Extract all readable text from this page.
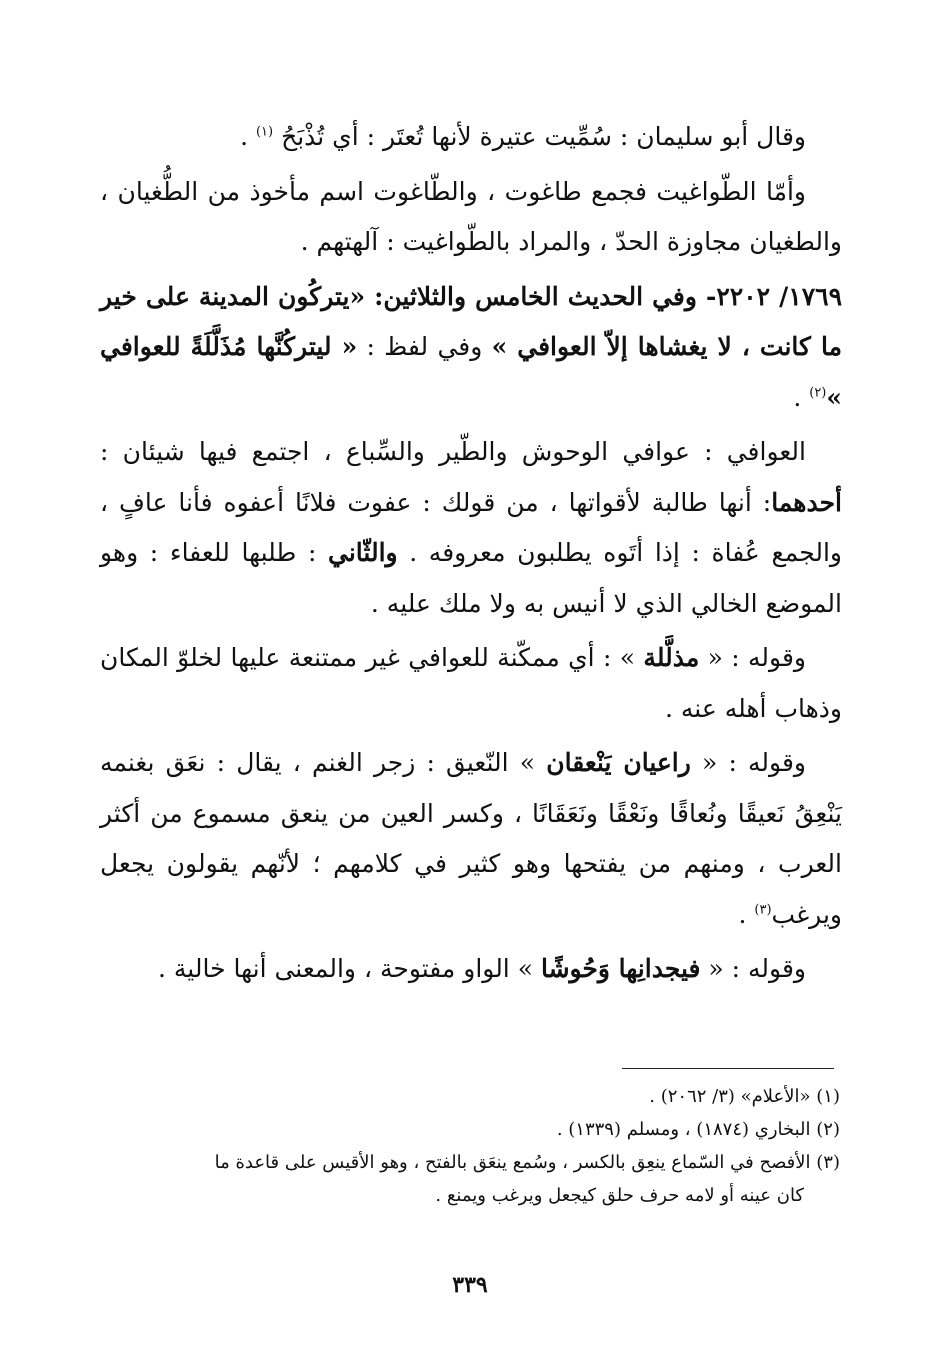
وقال أبو سليمان : سُمِّيت عتيرة لأنها تُعتَر : أي تُذْبَحُ $^{(١)}$ .

وأمّا الطّواغيت فجمع طاغوت ، والطّاغوت اسم مأخوذ من الطُّغيان ، والطغيان مجاوزة الحدّ ، والمراد بالطّواغيت : آلهتهم .

١٧٦٩/ ٢٢٠٢- وفي الحديث الخامس والثلاثين: «يتركُون المدينة على خير ما كانت ، لا يغشاها إلاّ العوافي » وفي لفظ : « ليتركُنَّها مُذَلَّلَةً للعوافي »$^{(٢)}$ .

العوافي : عوافي الوحوش والطّير والسِّباع ، اجتمع فيها شيئان : أحدهما: أنها طالبة لأقواتها ، من قولك : عفوت فلانًا أعفوه فأنا عافٍ ، والجمع عُفاة : إذا أتَوه يطلبون معروفه . والثّاني : طلبها للعفاء : وهو الموضع الخالي الذي لا أنيس به ولا ملك عليه .

وقوله : « مذلَّلة » : أي ممكّنة للعوافي غير ممتنعة عليها لخلوّ المكان وذهاب أهله عنه .

وقوله : « راعيان يَنْعقان » النّعيق : زجر الغنم ، يقال : نعَق بغنمه يَنْعِقُ نَعيقًا ونُعاقًا ونَعْقًا ونَعَقَانًا ، وكسر العين من ينعق مسموع من أكثر العرب ، ومنهم من يفتحها وهو كثير في كلامهم ؛ لأنّهم يقولون يجعل ويرغب$^{(٣)}$ .

وقوله : « فيجدانِها وَحُوشًا » الواو مفتوحة ، والمعنى أنها خالية .

(١) «الأعلام» (٣/ ٢٠٦٢) .

(٢) البخاري (١٨٧٤) ، ومسلم (١٣٣٩) .

(٣) الأفصح في السّماع ينعِق بالكسر ، وسُمع ينعَق بالفتح ، وهو الأقيس على قاعدة ما

كان عينه أو لامه حرف حلق كيجعل ويرغب ويمنع .

٣٣٩
